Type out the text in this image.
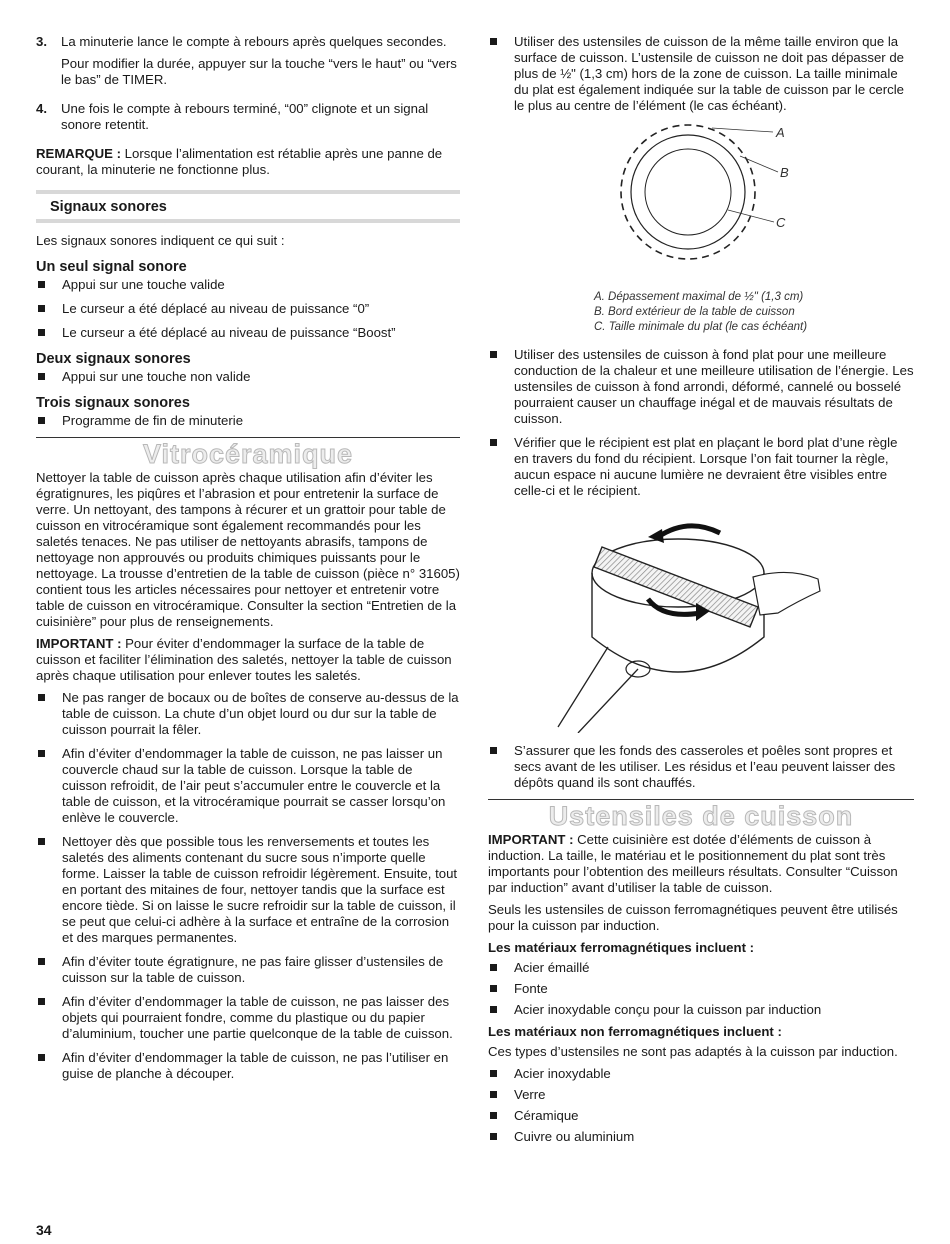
3.	La minuterie lance le compte à rebours après quelques secondes.

Pour modifier la durée, appuyer sur la touche “vers le haut” ou “vers le bas” de TIMER.

4.	Une fois le compte à rebours terminé, “00” clignote et un signal sonore retentit.

REMARQUE : Lorsque l’alimentation est rétablie après une panne de courant, la minuterie ne fonctionne plus.

Signaux sonores

Les signaux sonores indiquent ce qui suit :

Un seul signal sonore
Appui sur une touche valide
Le curseur a été déplacé au niveau de puissance “0”
Le curseur a été déplacé au niveau de puissance “Boost”
Deux signaux sonores
Appui sur une touche non valide
Trois signaux sonores
Programme de fin de minuterie
Vitrocéramique

Nettoyer la table de cuisson après chaque utilisation afin d’éviter les égratignures, les piqûres et l’abrasion et pour entretenir la surface de verre. Un nettoyant, des tampons à récurer et un grattoir pour table de cuisson en vitrocéramique sont également recommandés pour les saletés tenaces. Ne pas utiliser de nettoyants abrasifs, tampons de nettoyage non approuvés ou produits chimiques puissants pour le nettoyage. La trousse d’entretien de la table de cuisson (pièce n° 31605) contient tous les articles nécessaires pour nettoyer et entretenir votre table de cuisson en vitrocéramique. Consulter la section “Entretien de la cuisinière” pour plus de renseignements.

IMPORTANT : Pour éviter d’endommager la surface de la table de cuisson et faciliter l’élimination des saletés, nettoyer la table de cuisson après chaque utilisation pour enlever toutes les saletés.

Ne pas ranger de bocaux ou de boîtes de conserve au-dessus de la table de cuisson. La chute d’un objet lourd ou dur sur la table de cuisson pourrait la fêler.
Afin d’éviter d’endommager la table de cuisson, ne pas laisser un couvercle chaud sur la table de cuisson. Lorsque la table de cuisson refroidit, de l’air peut s’accumuler entre le couvercle et la table de cuisson, et la vitrocéramique pourrait se casser lorsqu’on enlève le couvercle.
Nettoyer dès que possible tous les renversements et toutes les saletés des aliments contenant du sucre sous n’importe quelle forme. Laisser la table de cuisson refroidir légèrement. Ensuite, tout en portant des mitaines de four, nettoyer tandis que la surface est encore tiède. Si on laisse le sucre refroidir sur la table de cuisson, il se peut que celui-ci adhère à la surface et entraîne de la corrosion et des marques permanentes.
Afin d’éviter toute égratignure, ne pas faire glisser d’ustensiles de cuisson sur la table de cuisson.
Afin d’éviter d’endommager la table de cuisson, ne pas laisser des objets qui pourraient fondre, comme du plastique ou du papier d’aluminium, toucher une partie quelconque de la table de cuisson.
Afin d’éviter d’endommager la table de cuisson, ne pas l’utiliser en guise de planche à découper.
Utiliser des ustensiles de cuisson de la même taille environ que la surface de cuisson. L’ustensile de cuisson ne doit pas dépasser de plus de ½" (1,3 cm) hors de la zone de cuisson. La taille minimale du plat est également indiquée sur la table de cuisson par le cercle le plus au centre de l’élément (le cas échéant).
A
B
C
A. Dépassement maximal de ½" (1,3 cm)
B. Bord extérieur de la table de cuisson
C. Taille minimale du plat (le cas échéant)
Utiliser des ustensiles de cuisson à fond plat pour une meilleure conduction de la chaleur et une meilleure utilisation de l’énergie. Les ustensiles de cuisson à fond arrondi, déformé, cannelé ou bosselé pourraient causer un chauffage inégal et de mauvais résultats de cuisson.
Vérifier que le récipient est plat en plaçant le bord plat d’une règle en travers du fond du récipient. Lorsque l’on fait tourner la règle, aucun espace ni aucune lumière ne devraient être visibles entre celle-ci et le récipient.
S’assurer que les fonds des casseroles et poêles sont propres et secs avant de les utiliser. Les résidus et l’eau peuvent laisser des dépôts quand ils sont chauffés.
Ustensiles de cuisson

IMPORTANT : Cette cuisinière est dotée d’éléments de cuisson à induction. La taille, le matériau et le positionnement du plat sont très importants pour l’obtention des meilleurs résultats. Consulter “Cuisson par induction” avant d’utiliser la table de cuisson.

Seuls les ustensiles de cuisson ferromagnétiques peuvent être utilisés pour la cuisson par induction.

Les matériaux ferromagnétiques incluent :
Acier émaillé
Fonte
Acier inoxydable conçu pour la cuisson par induction
Les matériaux non ferromagnétiques incluent :

Ces types d’ustensiles ne sont pas adaptés à la cuisson par induction.

Acier inoxydable
Verre
Céramique
Cuivre ou aluminium
34
